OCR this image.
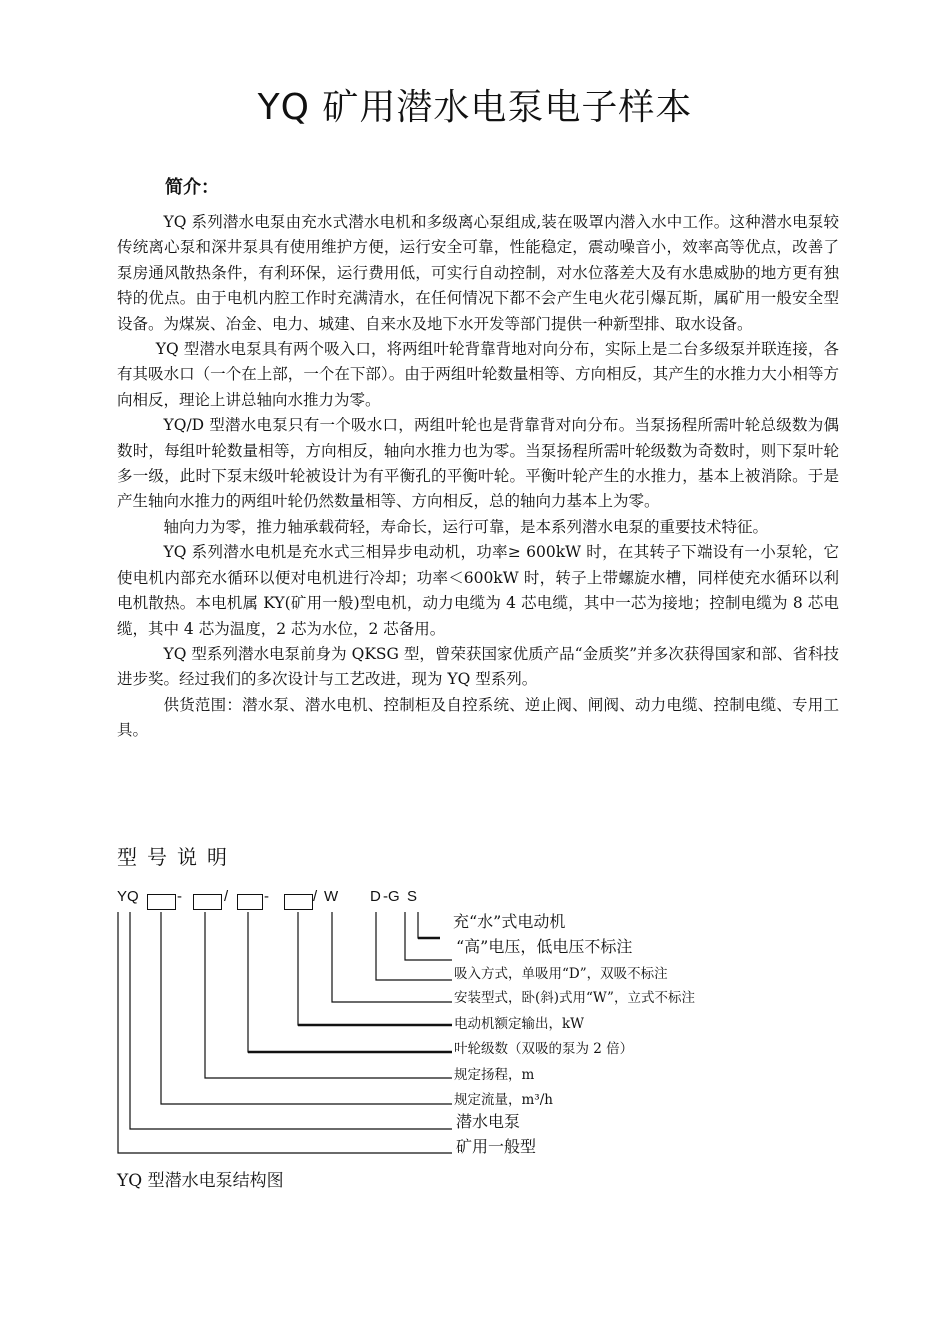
YQ 矿用潜水电泵电子样本
简介：

YQ 系列潜水电泵由充水式潜水电机和多级离心泵组成,装在吸罩内潜入水中工作。这种潜水电泵较传统离心泵和深井泵具有使用维护方便，运行安全可靠，性能稳定，震动噪音小，效率高等优点，改善了泵房通风散热条件，有利环保，运行费用低，可实行自动控制，对水位落差大及有水患威胁的地方更有独特的优点。由于电机内腔工作时充满清水，在任何情况下都不会产生电火花引爆瓦斯，属矿用一般安全型设备。为煤炭、冶金、电力、城建、自来水及地下水开发等部门提供一种新型排、取水设备。

YQ 型潜水电泵具有两个吸入口，将两组叶轮背靠背地对向分布，实际上是二台多级泵并联连接，各有其吸水口（一个在上部，一个在下部）。由于两组叶轮数量相等、方向相反，其产生的水推力大小相等方向相反，理论上讲总轴向水推力为零。

YQ/D 型潜水电泵只有一个吸水口，两组叶轮也是背靠背对向分布。当泵扬程所需叶轮总级数为偶数时，每组叶轮数量相等，方向相反，轴向水推力也为零。当泵扬程所需叶轮级数为奇数时，则下泵叶轮多一级，此时下泵末级叶轮被设计为有平衡孔的平衡叶轮。平衡叶轮产生的水推力，基本上被消除。于是产生轴向水推力的两组叶轮仍然数量相等、方向相反，总的轴向力基本上为零。

轴向力为零，推力轴承载荷轻，寿命长，运行可靠，是本系列潜水电泵的重要技术特征。

YQ 系列潜水电机是充水式三相异步电动机，功率≥ 600kW 时，在其转子下端设有一小泵轮，它使电机内部充水循环以便对电机进行冷却；功率＜600kW 时，转子上带螺旋水槽，同样使充水循环以利电机散热。本电机属 KY(矿用一般)型电机，动力电缆为 4 芯电缆，其中一芯为接地；控制电缆为 8 芯电缆，其中 4 芯为温度，2 芯为水位，2 芯备用。

YQ 型系列潜水电泵前身为 QKSG 型，曾荣获国家优质产品“金质奖”并多次获得国家和部、省科技进步奖。经过我们的多次设计与工艺改进，现为 YQ 型系列。

供货范围：潜水泵、潜水电机、控制柜及自控系统、逆止阀、闸阀、动力电缆、控制电缆、专用工具。

型号说明
YQ	-	/ -	/ W D -G S
充“水”式电动机
“高”电压，低电压不标注
吸入方式，单吸用“D”，双吸不标注
安装型式，卧(斜)式用“W”，立式不标注
电动机额定输出，kW
叶轮级数（双吸的泵为 2 倍）
规定扬程，m
规定流量，m³/h
潜水电泵
矿用一般型
YQ 型潜水电泵结构图
